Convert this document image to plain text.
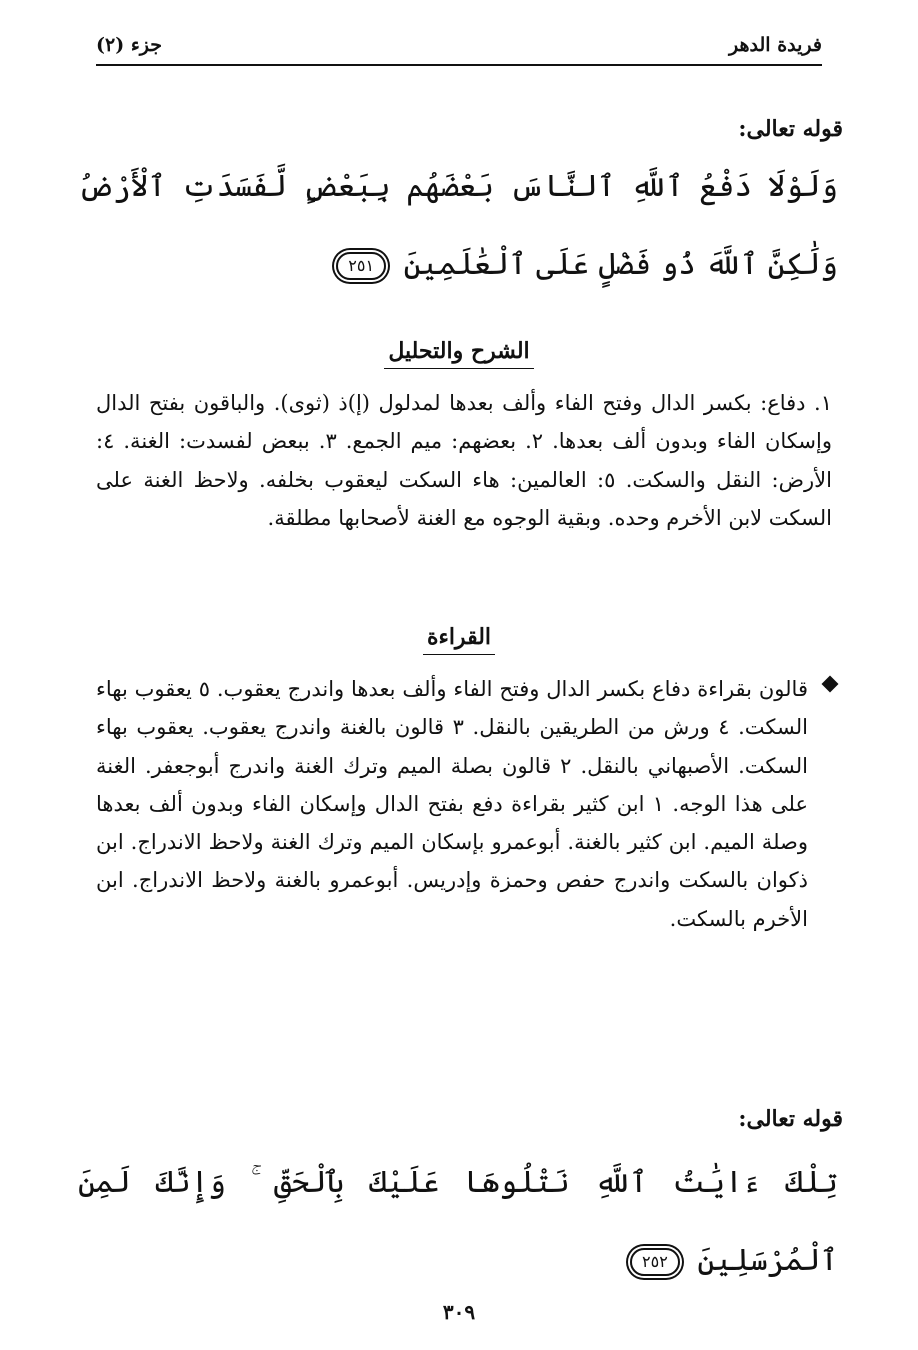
فريدة الدهر
جزء (٢)
قوله تعالى:
وَلَوْلَا دَفْعُ ٱللَّهِ ٱلنَّاسَ بَعْضَهُم بِبَعْضٍ لَّفَسَدَتِ ٱلْأَرْضُ وَلَٰكِنَّ ٱللَّهَ ذُو فَضْلٍ عَلَى ٱلْعَٰلَمِينَ ٢٥١
الشرح والتحليل
١. دفاع: بكسر الدال وفتح الفاء وألف بعدها لمدلول (إ)ذ (ثوى). والباقون بفتح الدال وإسكان الفاء وبدون ألف بعدها. ٢. بعضهم: ميم الجمع. ٣. ببعض لفسدت: الغنة. ٤: الأرض: النقل والسكت. ٥: العالمين: هاء السكت ليعقوب بخلفه. ولاحظ الغنة على السكت لابن الأخرم وحده. وبقية الوجوه مع الغنة لأصحابها مطلقة.
القراءة
قالون بقراءة دفاع بكسر الدال وفتح الفاء وألف بعدها واندرج يعقوب. ٥ يعقوب بهاء السكت. ٤ ورش من الطريقين بالنقل. ٣ قالون بالغنة واندرج يعقوب. يعقوب بهاء السكت. الأصبهاني بالنقل. ٢ قالون بصلة الميم وترك الغنة واندرج أبوجعفر. الغنة على هذا الوجه. ١ ابن كثير بقراءة دفع بفتح الدال وإسكان الفاء وبدون ألف بعدها وصلة الميم. ابن كثير بالغنة. أبوعمرو بإسكان الميم وترك الغنة ولاحظ الاندراج. ابن ذكوان بالسكت واندرج حفص وحمزة وإدريس. أبوعمرو بالغنة ولاحظ الاندراج. ابن الأخرم بالسكت.
قوله تعالى:
تِلْكَ ءَايَٰتُ ٱللَّهِ نَتْلُوهَا عَلَيْكَ بِٱلْحَقِّ ۚ وَإِنَّكَ لَمِنَ ٱلْمُرْسَلِينَ ٢٥٢
٣٠٩
